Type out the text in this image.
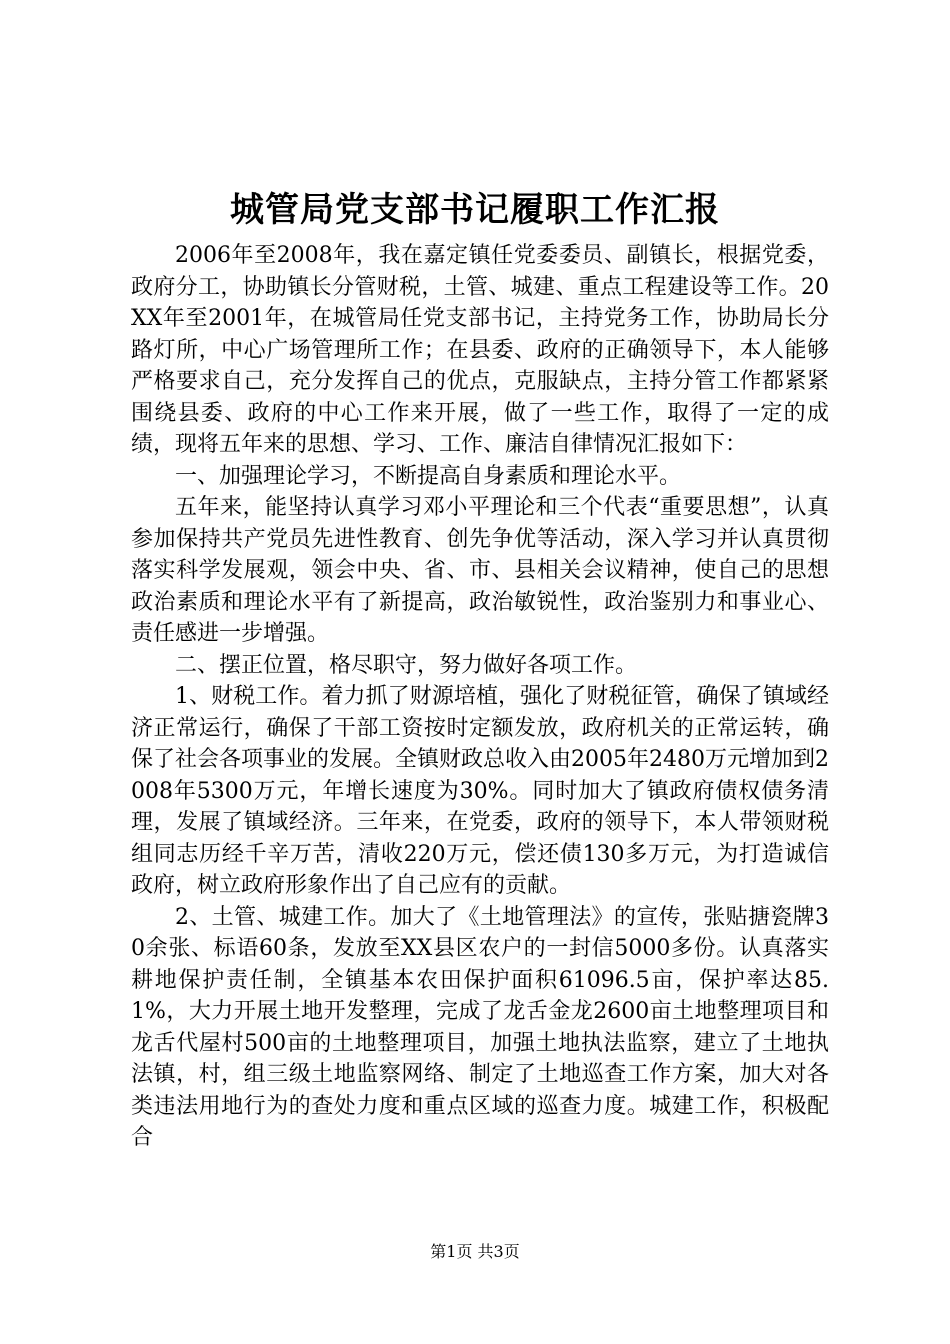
城管局党支部书记履职工作汇报

2006年至2008年，我在嘉定镇任党委委员、副镇长，根据党委，政府分工，协助镇长分管财税，土管、城建、重点工程建设等工作。20XX年至2001年，在城管局任党支部书记，主持党务工作，协助局长分路灯所，中心广场管理所工作；在县委、政府的正确领导下，本人能够严格要求自己，充分发挥自己的优点，克服缺点，主持分管工作都紧紧围绕县委、政府的中心工作来开展，做了一些工作，取得了一定的成绩，现将五年来的思想、学习、工作、廉洁自律情况汇报如下：

一、加强理论学习，不断提高自身素质和理论水平。

五年来，能坚持认真学习邓小平理论和三个代表“重要思想”，认真参加保持共产党员先进性教育、创先争优等活动，深入学习并认真贯彻落实科学发展观，领会中央、省、市、县相关会议精神，使自己的思想政治素质和理论水平有了新提高，政治敏锐性，政治鉴别力和事业心、责任感进一步增强。

二、摆正位置，格尽职守，努力做好各项工作。

1、财税工作。着力抓了财源培植，强化了财税征管，确保了镇域经济正常运行，确保了干部工资按时定额发放，政府机关的正常运转，确保了社会各项事业的发展。全镇财政总收入由2005年2480万元增加到2008年5300万元，年增长速度为30%。同时加大了镇政府债权债务清理，发展了镇域经济。三年来，在党委，政府的领导下，本人带领财税组同志历经千辛万苦，清收220万元，偿还债130多万元，为打造诚信政府，树立政府形象作出了自己应有的贡献。

2、土管、城建工作。加大了《土地管理法》的宣传，张贴搪瓷牌30余张、标语60条，发放至XX县区农户的一封信5000多份。认真落实耕地保护责任制，全镇基本农田保护面积61096.5亩，保护率达85.1%，大力开展土地开发整理，完成了龙舌金龙2600亩土地整理项目和龙舌代屋村500亩的土地整理项目，加强土地执法监察，建立了土地执法镇，村，组三级土地监察网络、制定了土地巡查工作方案，加大对各类违法用地行为的查处力度和重点区域的巡查力度。城建工作，积极配合

第1页 共3页
